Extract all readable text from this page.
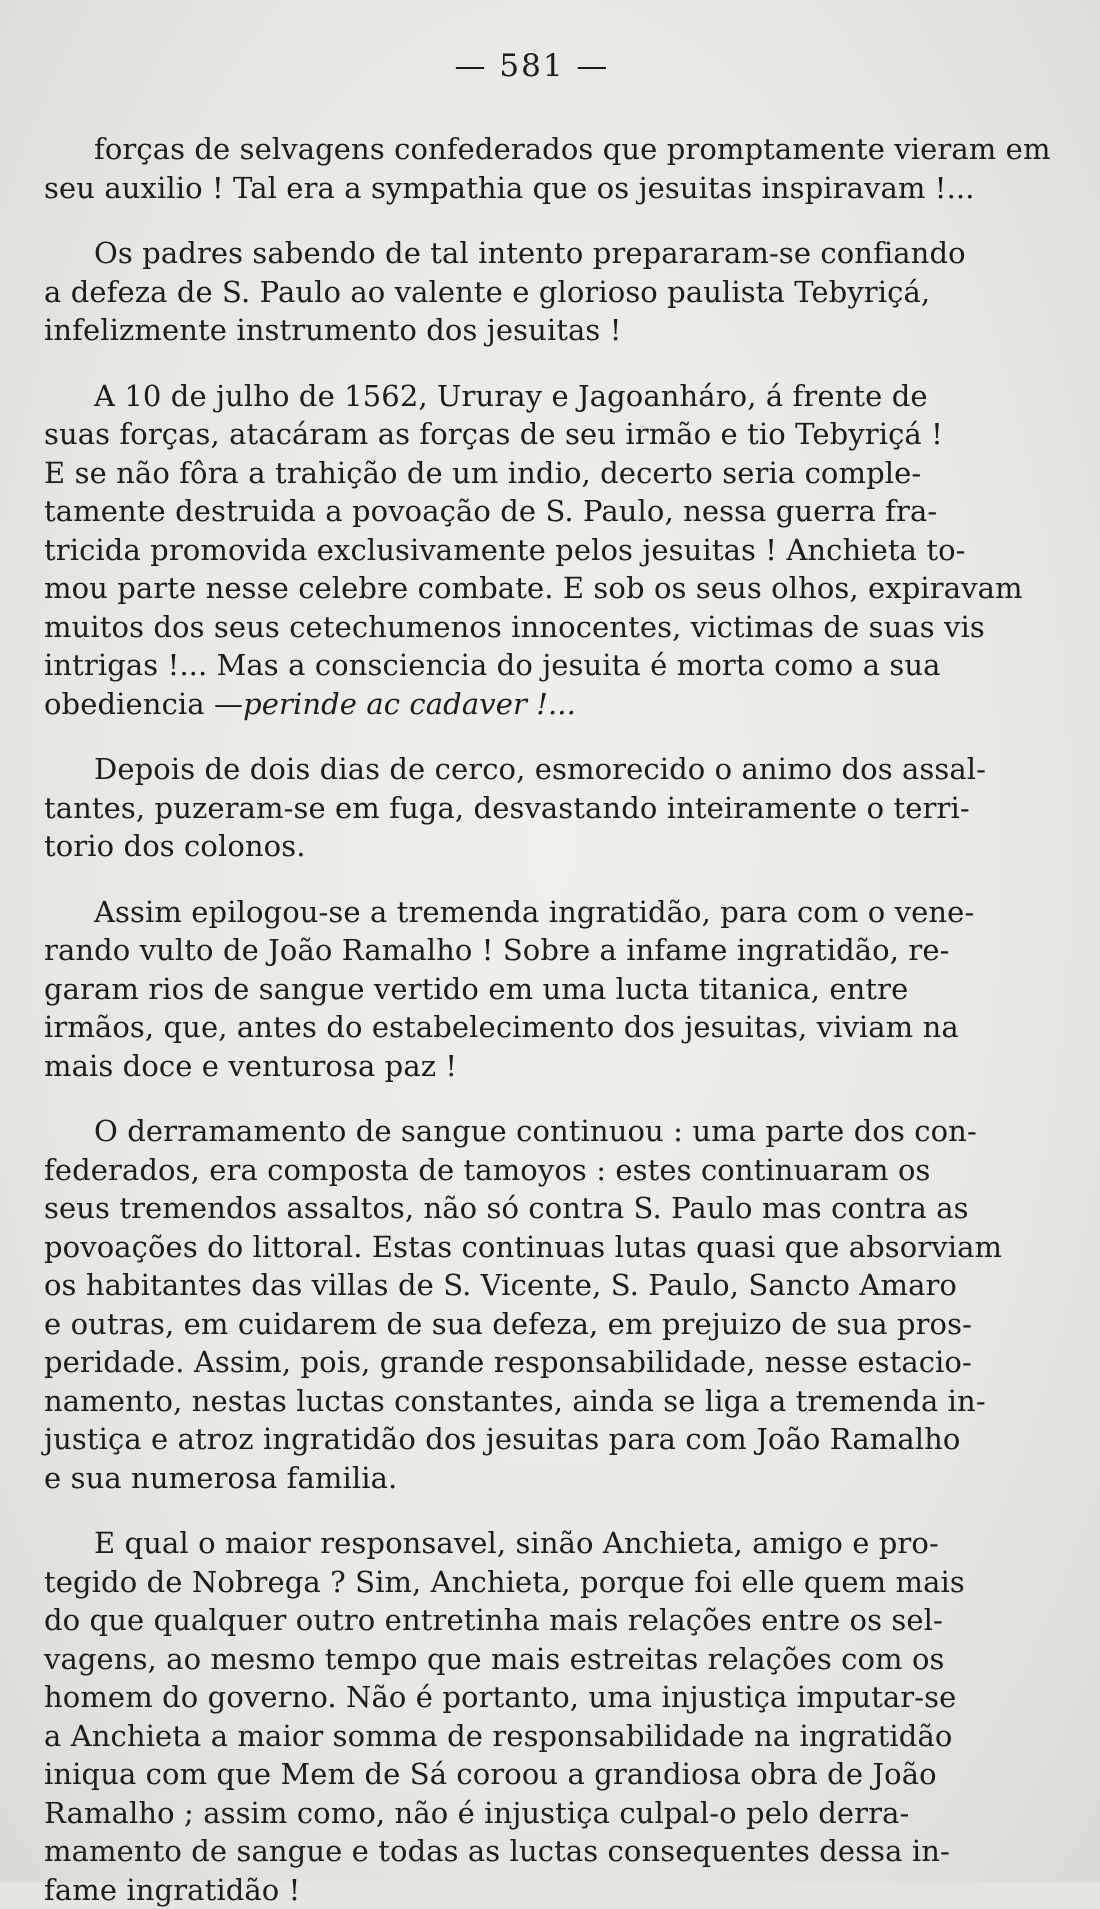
— 581 —

forças de selvagens confederados que promptamente vieram em
seu auxilio ! Tal era a sympathia que os jesuitas inspiravam !...

Os padres sabendo de tal intento prepararam-se confiando
a defeza de S. Paulo ao valente e glorioso paulista Tebyriçá,
infelizmente instrumento dos jesuitas !

A 10 de julho de 1562, Ururay e Jagoanháro, á frente de
suas forças, atacáram as forças de seu irmão e tio Tebyriçá !
E se não fôra a trahição de um indio, decerto seria comple-
tamente destruida a povoação de S. Paulo, nessa guerra fra-
tricida promovida exclusivamente pelos jesuitas ! Anchieta to-
mou parte nesse celebre combate. E sob os seus olhos, expiravam
muitos dos seus cetechumenos innocentes, victimas de suas vis
intrigas !... Mas a consciencia do jesuita é morta como a sua
obediencia —perinde ac cadaver !...

Depois de dois dias de cerco, esmorecido o animo dos assal-
tantes, puzeram-se em fuga, desvastando inteiramente o terri-
torio dos colonos.

Assim epilogou-se a tremenda ingratidão, para com o vene-
rando vulto de João Ramalho ! Sobre a infame ingratidão, re-
garam rios de sangue vertido em uma lucta titanica, entre
irmãos, que, antes do estabelecimento dos jesuitas, viviam na
mais doce e venturosa paz !

O derramamento de sangue continuou : uma parte dos con-
federados, era composta de tamoyos : estes continuaram os
seus tremendos assaltos, não só contra S. Paulo mas contra as
povoações do littoral. Estas continuas lutas quasi que absorviam
os habitantes das villas de S. Vicente, S. Paulo, Sancto Amaro
e outras, em cuidarem de sua defeza, em prejuizo de sua pros-
peridade. Assim, pois, grande responsabilidade, nesse estacio-
namento, nestas luctas constantes, ainda se liga a tremenda in-
justiça e atroz ingratidão dos jesuitas para com João Ramalho
e sua numerosa familia.

E qual o maior responsavel, sinão Anchieta, amigo e pro-
tegido de Nobrega ? Sim, Anchieta, porque foi elle quem mais
do que qualquer outro entretinha mais relações entre os sel-
vagens, ao mesmo tempo que mais estreitas relações com os
homem do governo. Não é portanto, uma injustiça imputar-se
a Anchieta a maior somma de responsabilidade na ingratidão
iniqua com que Mem de Sá coroou a grandiosa obra de João
Ramalho ; assim como, não é injustiça culpal-o pelo derra-
mamento de sangue e todas as luctas consequentes dessa in-
fame ingratidão !
